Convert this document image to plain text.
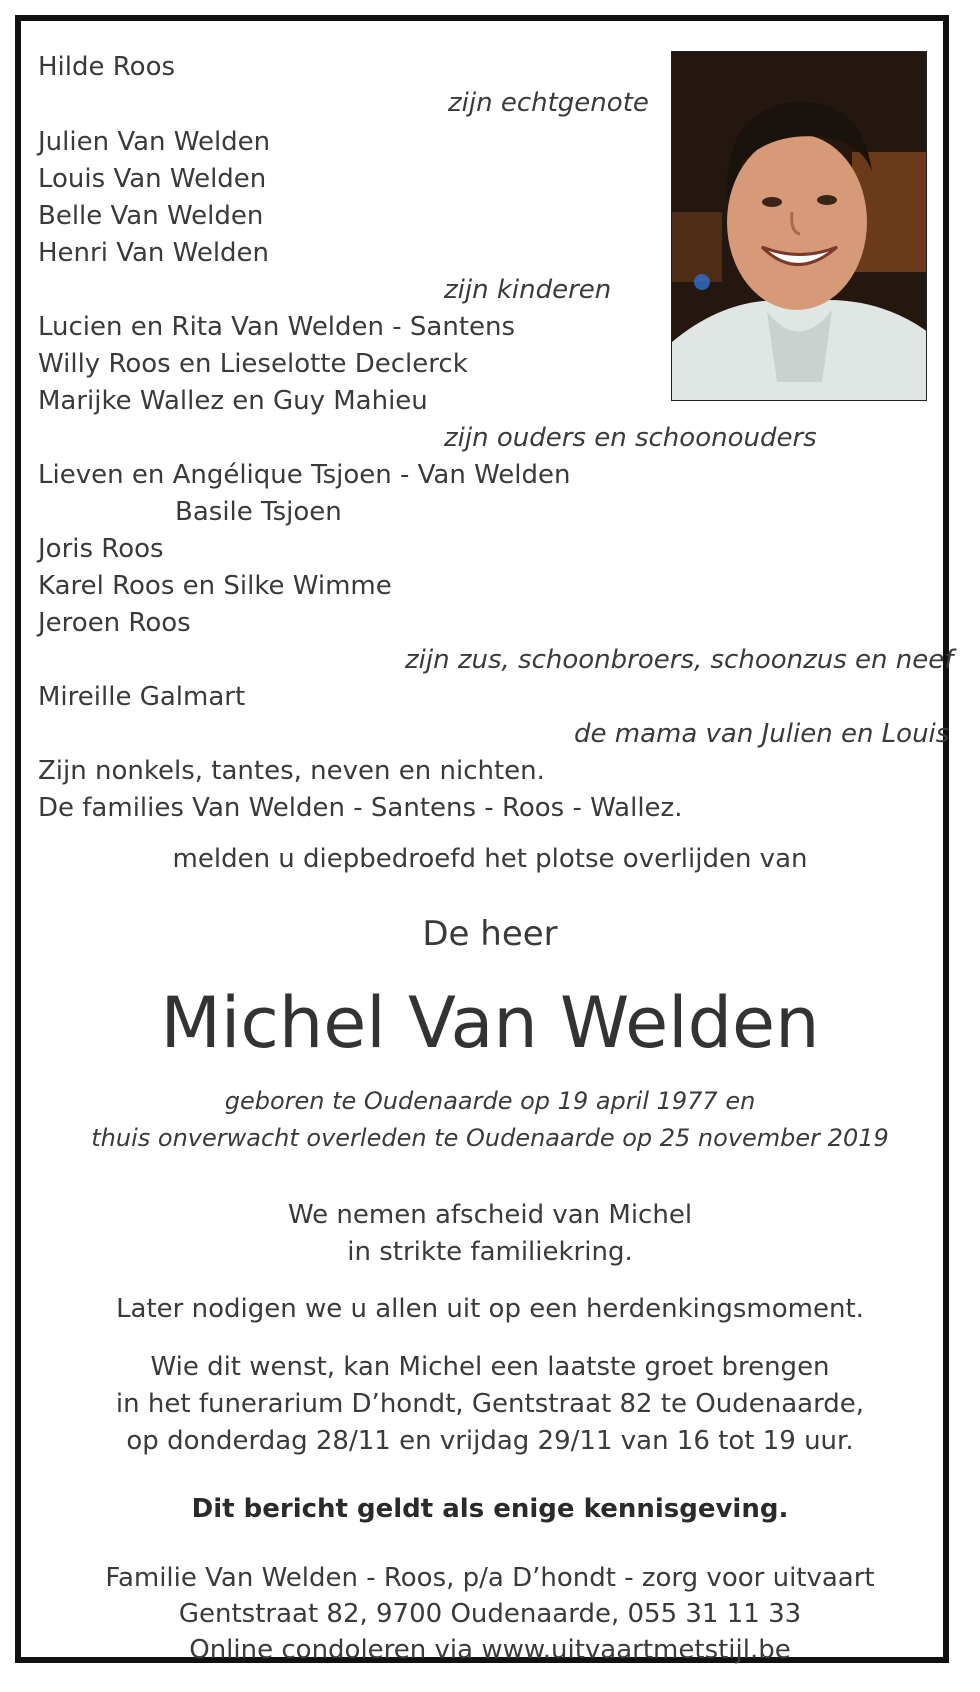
Hilde Roos
zijn echtgenote
Julien Van Welden
Louis Van Welden
Belle Van Welden
Henri Van Welden
zijn kinderen
Lucien en Rita Van Welden - Santens
Willy Roos en Lieselotte Declerck
Marijke Wallez en Guy Mahieu
zijn ouders en schoonouders
Lieven en Angélique Tsjoen - Van Welden
Basile Tsjoen
Joris Roos
Karel Roos en Silke Wimme
Jeroen Roos
zijn zus, schoonbroers, schoonzus en neef
Mireille Galmart
de mama van Julien en Louis
Zijn nonkels, tantes, neven en nichten.
De families Van Welden - Santens - Roos - Wallez.
melden u diepbedroefd het plotse overlijden van
De heer
Michel Van Welden
geboren te Oudenaarde op 19 april 1977 en
thuis onverwacht overleden te Oudenaarde op 25 november 2019
We nemen afscheid van Michel
in strikte familiekring.
Later nodigen we u allen uit op een herdenkingsmoment.
Wie dit wenst, kan Michel een laatste groet brengen
in het funerarium D’hondt, Gentstraat 82 te Oudenaarde,
op donderdag 28/11 en vrijdag 29/11 van 16 tot 19 uur.
Dit bericht geldt als enige kennisgeving.
Familie Van Welden - Roos, p/a D’hondt - zorg voor uitvaart
Gentstraat 82, 9700 Oudenaarde, 055 31 11 33
Online condoleren via www.uitvaartmetstijl.be
